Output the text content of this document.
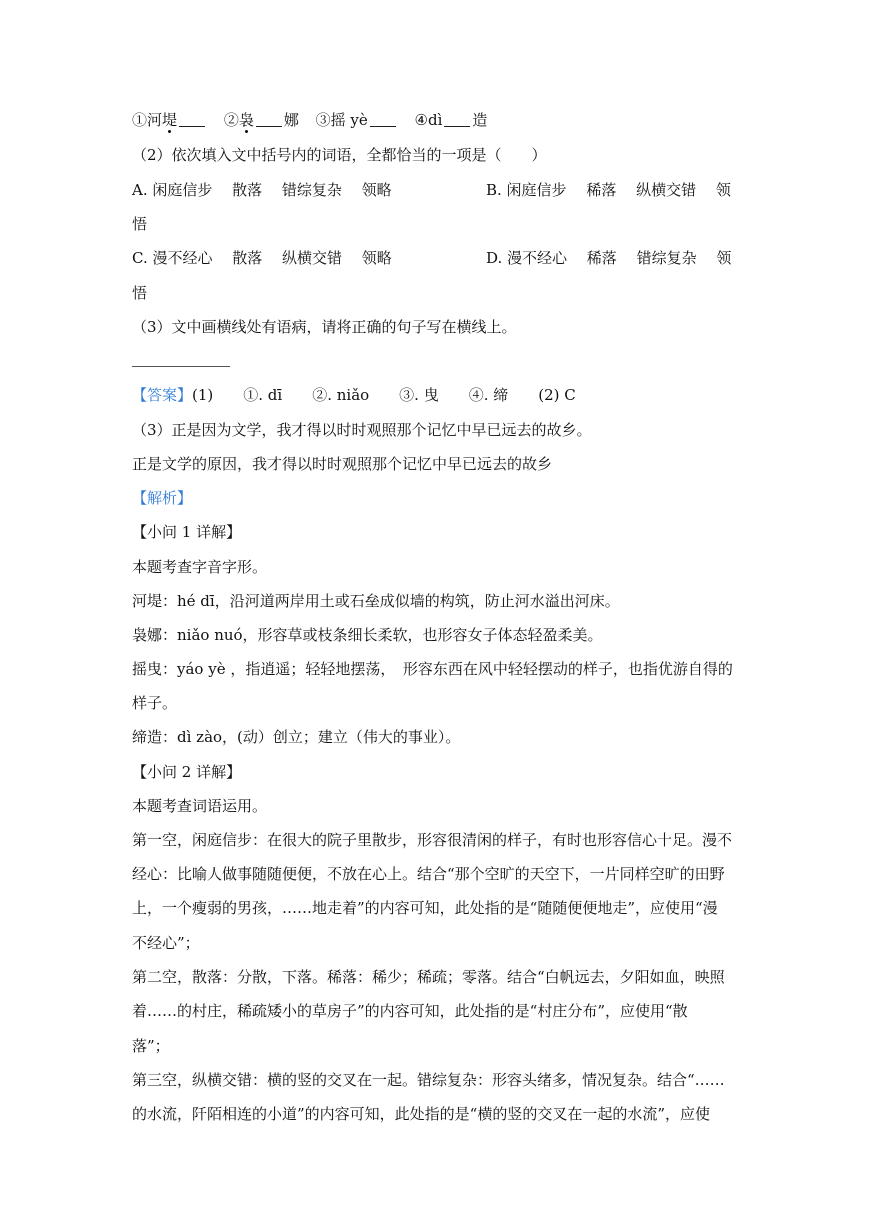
①河堤	②袅 娜 ③摇 yè	④dì 造
（2）依次填入文中括号内的词语，全都恰当的一项是（　　）
A. 闲庭信步　 散落　 错综复杂　 领略	B. 闲庭信步　 稀落　 纵横交错　 领
悟
C. 漫不经心　 散落　 纵横交错　 领略	D. 漫不经心　 稀落　 错综复杂　 领
悟
（3）文中画横线处有语病，请将正确的句子写在横线上。
【答案】(1)　　①. dī　　②. niǎo　　③. 曳　　④. 缔　　(2) C
（3）正是因为文学，我才得以时时观照那个记忆中早已远去的故乡。
正是文学的原因，我才得以时时观照那个记忆中早已远去的故乡
【解析】
【小问 1 详解】
本题考查字音字形。
河堤：hé dī，沿河道两岸用土或石垒成似墙的构筑，防止河水溢出河床。
袅娜：niǎo nuó，形容草或枝条细长柔软，也形容女子体态轻盈柔美。
摇曳：yáo yè ，指逍遥；轻轻地摆荡，　形容东西在风中轻轻摆动的样子，也指优游自得的
样子。
缔造：dì zào，(动）创立；建立（伟大的事业）。
【小问 2 详解】
本题考查词语运用。
第一空，闲庭信步：在很大的院子里散步，形容很清闲的样子，有时也形容信心十足。漫不
经心：比喻人做事随随便便，不放在心上。结合“那个空旷的天空下，一片同样空旷的田野
上，一个瘦弱的男孩，……地走着”的内容可知，此处指的是“随随便便地走”，应使用“漫
不经心”；
第二空，散落：分散，下落。稀落：稀少；稀疏；零落。结合“白帆远去，夕阳如血，映照
着……的村庄，稀疏矮小的草房子”的内容可知，此处指的是“村庄分布”，应使用“散
落”；
第三空，纵横交错：横的竖的交叉在一起。错综复杂：形容头绪多，情况复杂。结合“……
的水流，阡陌相连的小道”的内容可知，此处指的是“横的竖的交叉在一起的水流”，应使
